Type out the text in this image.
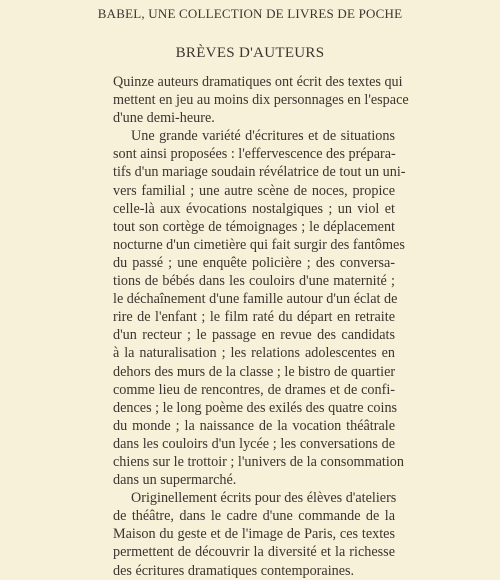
BABEL, UNE COLLECTION DE LIVRES DE POCHE
BRÈVES D'AUTEURS

Quinze auteurs dramatiques ont écrit des textes qui
mettent en jeu au moins dix personnages en l'espace
d'une demi-heure.

Une grande variété d'écritures et de situations
sont ainsi proposées : l'effervescence des prépara-
tifs d'un mariage soudain révélatrice de tout un uni-
vers familial ; une autre scène de noces, propice
celle-là aux évocations nostalgiques ; un viol et
tout son cortège de témoignages ; le déplacement
nocturne d'un cimetière qui fait surgir des fantômes
du passé ; une enquête policière ; des conversa-
tions de bébés dans les couloirs d'une maternité ;
le déchaînement d'une famille autour d'un éclat de
rire de l'enfant ; le film raté du départ en retraite
d'un recteur ; le passage en revue des candidats
à la naturalisation ; les relations adolescentes en
dehors des murs de la classe ; le bistro de quartier
comme lieu de rencontres, de drames et de confi-
dences ; le long poème des exilés des quatre coins
du monde ; la naissance de la vocation théâtrale
dans les couloirs d'un lycée ; les conversations de
chiens sur le trottoir ; l'univers de la consommation
dans un supermarché.

Originellement écrits pour des élèves d'ateliers
de théâtre, dans le cadre d'une commande de la
Maison du geste et de l'image de Paris, ces textes
permettent de découvrir la diversité et la richesse
des écritures dramatiques contemporaines.
